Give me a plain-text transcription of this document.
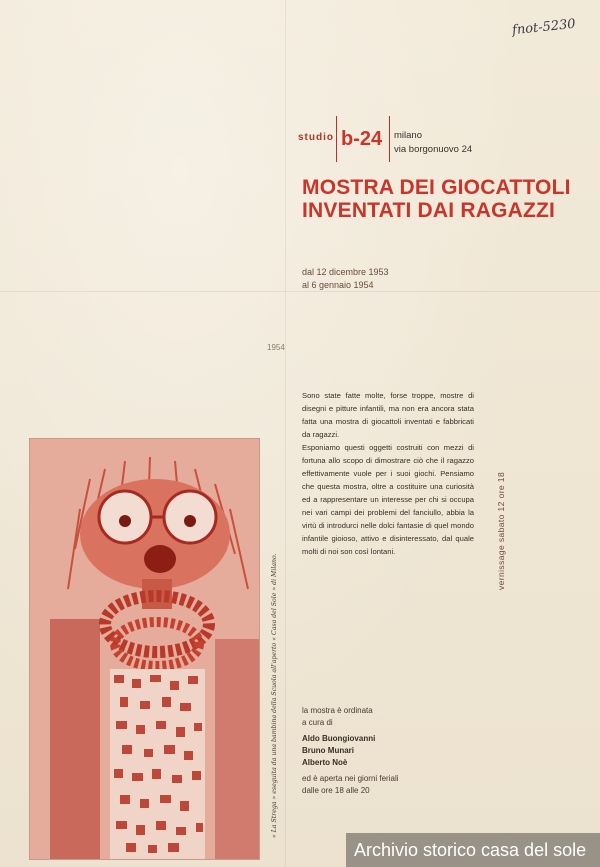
fnot-5230
studio b-24 milano
via borgonuovo 24
MOSTRA DEI GIOCATTOLI
INVENTATI DAI RAGAZZI
dal 12 dicembre 1953
al 6 gennaio 1954
1954

Sono state fatte molte, forse troppe, mostre di disegni e pitture infantili, ma non era ancora stata fatta una mostra di giocattoli inventati e fabbricati da ragazzi.

Esponiamo questi oggetti costruiti con mezzi di fortuna allo scopo di dimostrare ciò che il ragazzo effettivamente vuole per i suoi giochi. Pensiamo che questa mostra, oltre a costituire una curiosità ed a rappresentare un interesse per chi si occupa nei vari campi dei problemi del fanciullo, abbia la virtù di introdurci nelle dolci fantasie di quel mondo infantile gioioso, attivo e disinteressato, dal quale molti di noi son così lontani.	vernissage sabato 12 ore 18
la mostra è ordinata
a cura di
Aldo Buongiovanni
Bruno Munari
Alberto Noè
ed è aperta nei giorni feriali
dalle ore 18 alle 20
« La Strega » eseguita da una bambina della Scuola all'aperto « Casa del Sole » di Milano.
Archivio storico casa del sole
